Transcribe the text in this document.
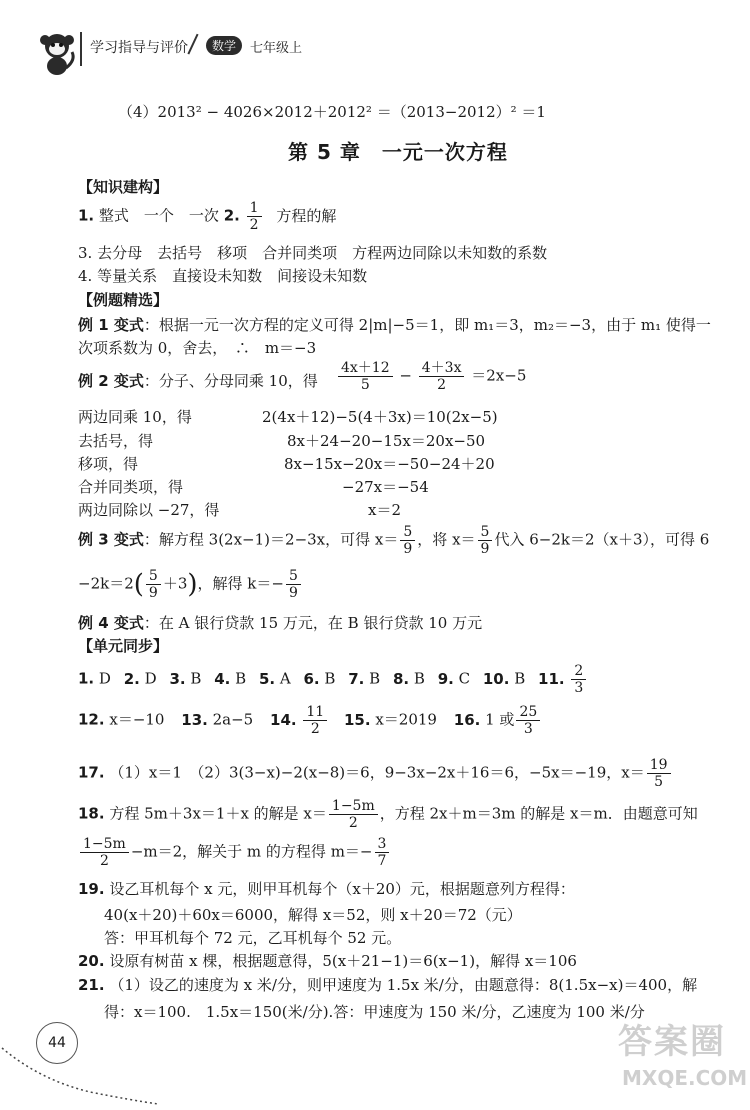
学习指导与评价	数学	七年级上
（4）2013² − 4026×2012＋2012² ＝（2013−2012）² ＝1
第 5 章　一元一次方程
【知识建构】
1. 整式　一个　一次 2. $\frac{1}{2}$ 方程的解
3. 去分母　去括号　移项　合并同类项　方程两边同除以未知数的系数
4. 等量关系　直接设未知数　间接设未知数
【例题精选】
例 1 变式：根据一元一次方程的定义可得 2|m|−5＝1，即 m₁＝3，m₂＝−3，由于 m₁ 使得一
次项系数为 0，舍去，　∴　m＝−3
例 2 变式：分子、分母同乘 10，得 $\frac{4x+12}{5} - \frac{4+3x}{2} =2x-5$
两边同乘 10，得	2(4x＋12)−5(4＋3x)＝10(2x−5)
去括号，得	8x＋24−20−15x＝20x−50
移项，得	8x−15x−20x＝−50−24＋20
合并同类项，得	−27x＝−54
两边同除以 −27，得	x＝2
例 3 变式：解方程 3(2x−1)＝2−3x，可得 $x= \frac{5}{9}$ ，将 $x= \frac{5}{9}$ 代入 6−2k＝2（x＋3），可得 6
$-2k=2( \frac{5}{9} +3)$，解得 $k=- \frac{5}{9}$
例 4 变式：在 A 银行贷款 15 万元，在 B 银行贷款 10 万元
【单元同步】
1. D 2. D 3. B 4. B 5. A 6. B 7. B 8. B 9. C 10. B 11. $\frac{2}{3}$
12. x＝−10 13. 2a−5 14. $\frac{11}{2} 15$. x＝2019 16. 1 或 $\frac{25}{3}$
17. （1）x＝1　（2）3(3−x)−2(x−8)＝6，9−3x−2x＋16＝6，−5x＝−19，$x= \frac{19}{5}$
18. 方程 5m＋3x＝1＋x 的解是 $x= \frac{1-5m}{2}$ ，方程 2x＋m＝3m 的解是 x＝m．由题意可知
$\frac{1-5m}{2} -m=2$，解关于 m 的方程得 $m=- \frac{3}{7}$
19. 设乙耳机每个 x 元，则甲耳机每个（x＋20）元，根据题意列方程得：
40(x＋20)＋60x＝6000，解得 x＝52，则 x＋20＝72（元）
答：甲耳机每个 72 元，乙耳机每个 52 元。
20. 设原有树苗 x 棵，根据题意得，5(x＋21−1)＝6(x−1)，解得 x＝106
21. （1）设乙的速度为 x 米/分，则甲速度为 1.5x 米/分，由题意得：8(1.5x−x)＝400，解
得：x＝100.　1.5x＝150(米/分).答：甲速度为 150 米/分，乙速度为 100 米/分
44	答案圈
MXQE.COM
